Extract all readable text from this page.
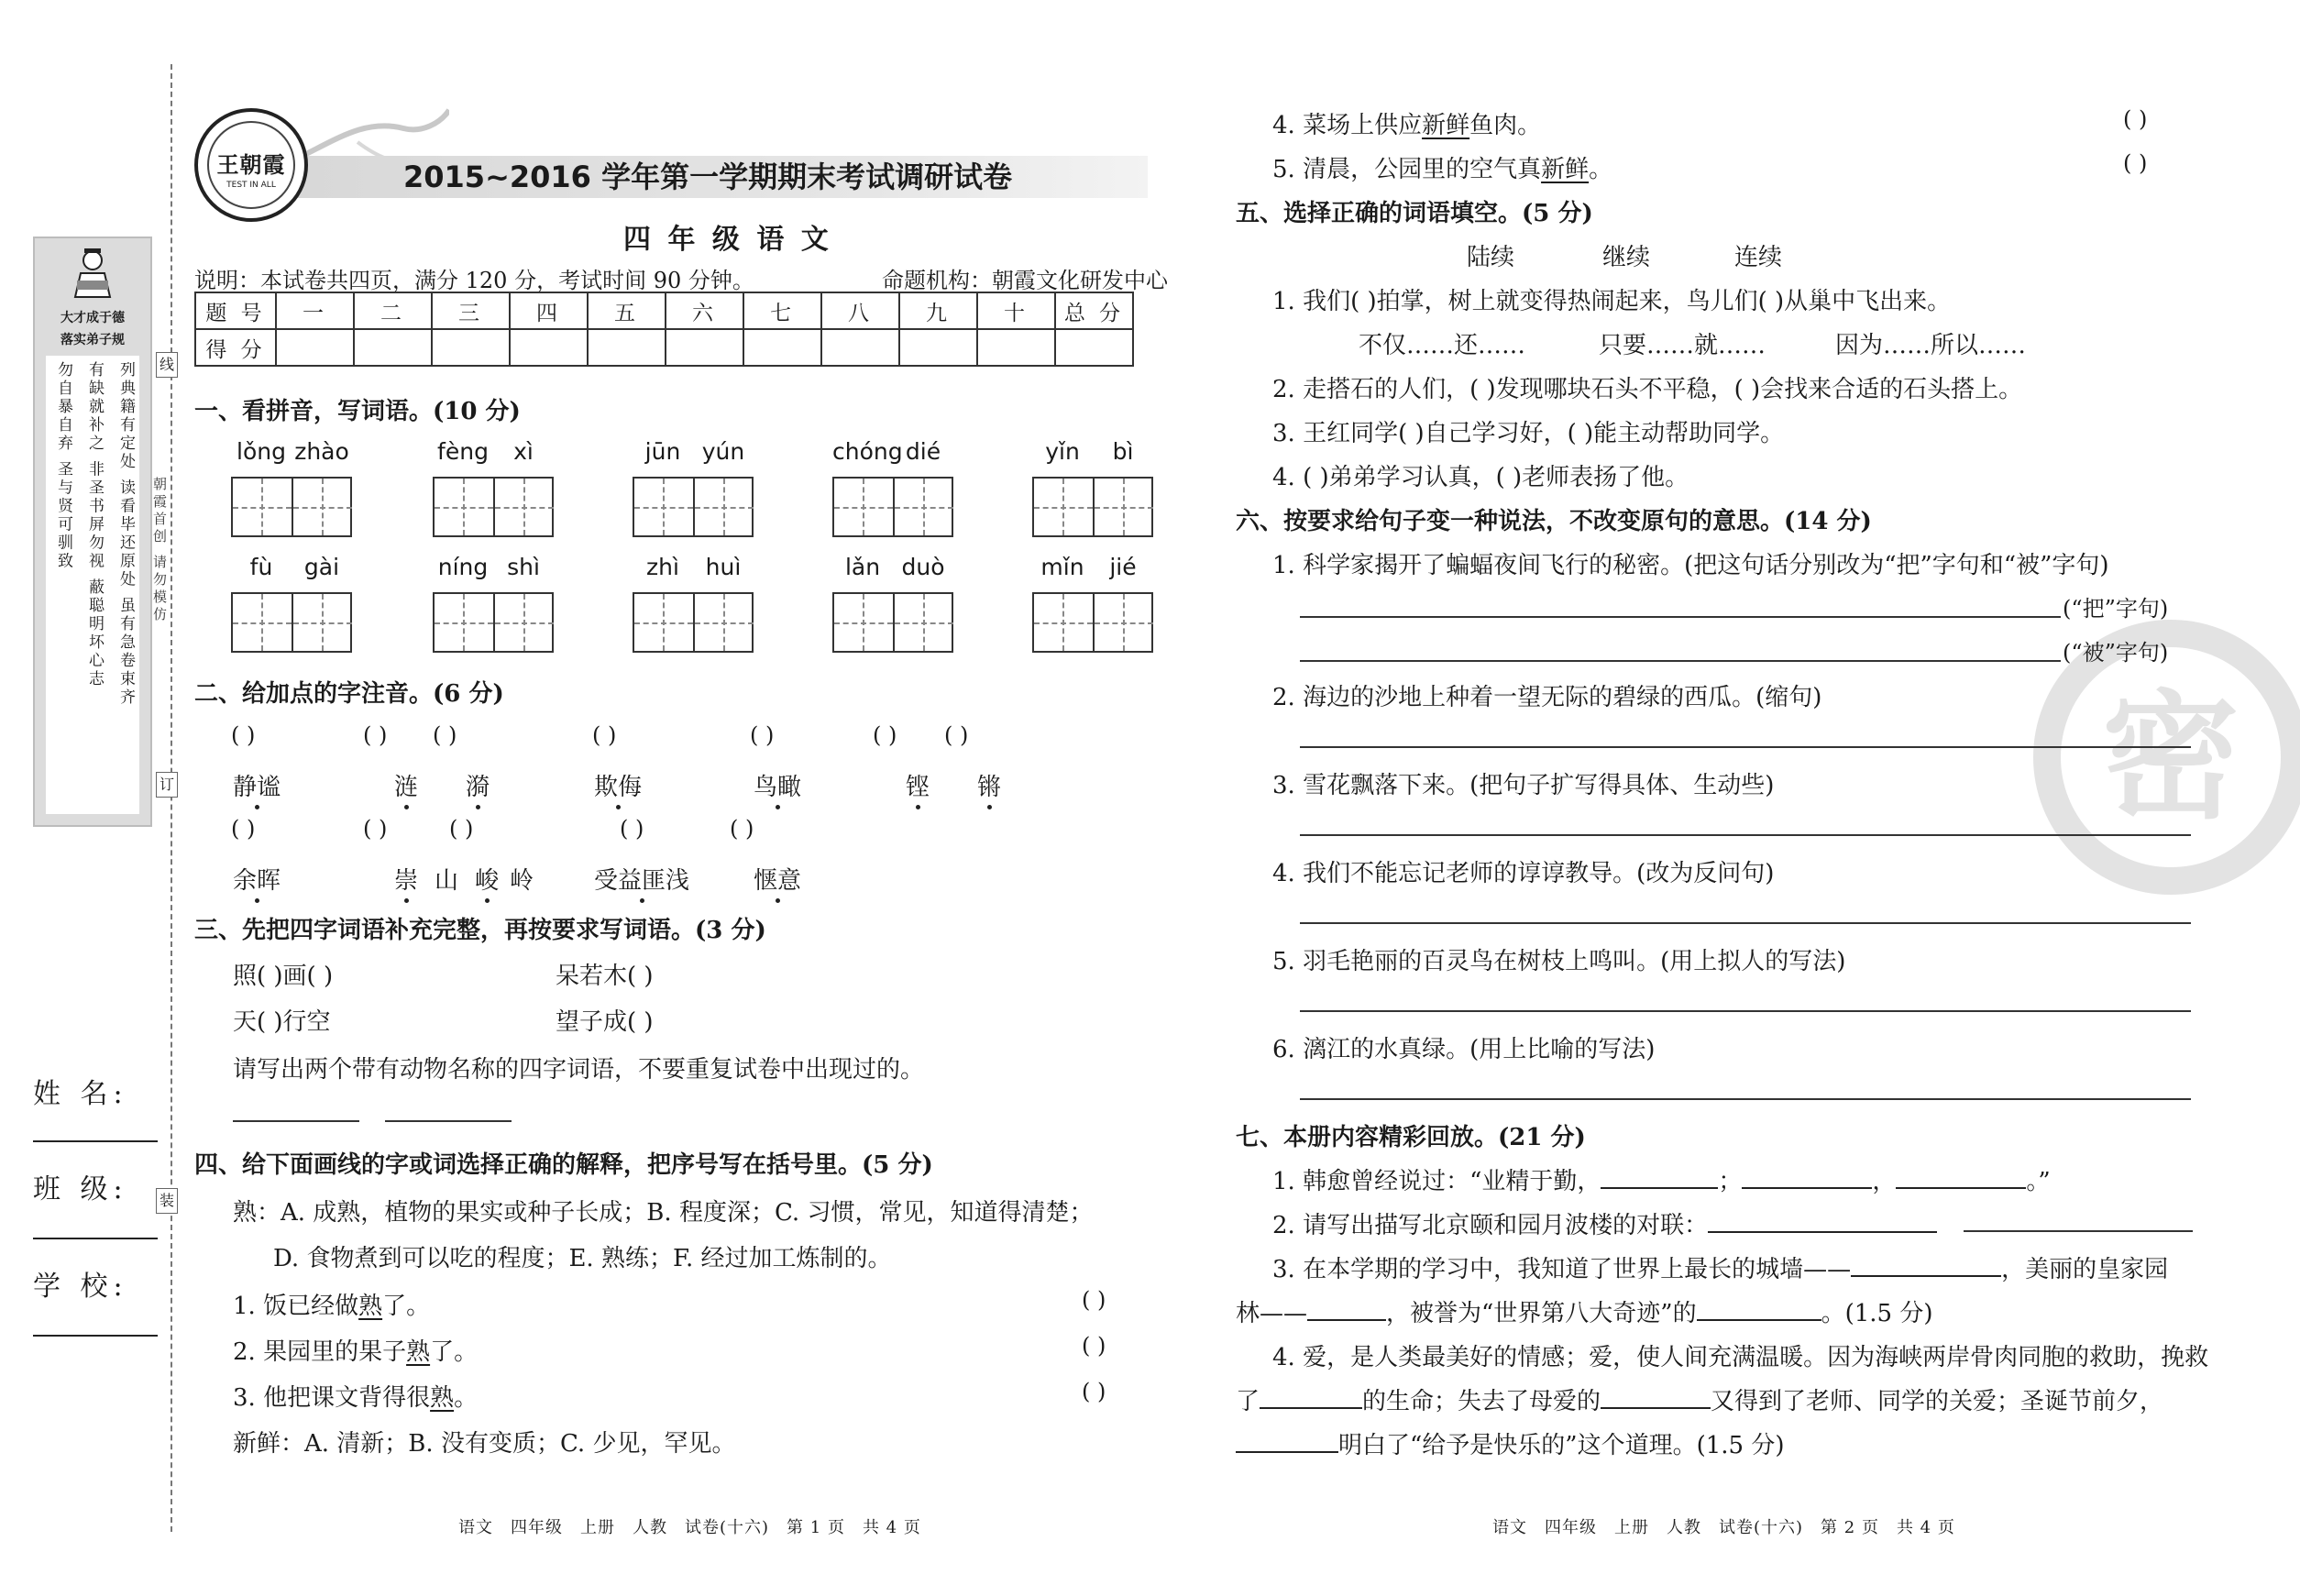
大才成于德
落实弟子规
列典籍有定处 读看毕还原处 虽有急卷束齐
有缺就补之 非圣书屏勿视 蔽聪明坏心志
勿自暴自弃 圣与贤可驯致	线
朝霞首创 请勿模仿
订
装
姓 名:
班 级:
学 校:
2015~2016 学年第一学期期末考试调研试卷
王朝霞
TEST IN ALL
四 年 级 语 文
说明：本试卷共四页，满分 120 分，考试时间 90 分钟。	命题机构：朝霞文化研发中心
题 号	一	二	三	四	五	六	七	八	九	十	总 分
得 分											
一、看拼音，写词语。(10 分)
lǒng zhào	fèng	xì	jūn yún	chóng dié	yǐn	bì
fù	gài	níng shì	zhì	huì	lǎn duò	mǐn	jié
二、给加点的字注音。(6 分)
( )	( ) ( )	( )	( )	( ) ( )
静谧	涟 漪	欺侮	鸟瞰	铿 锵
( )	( )	( )	( )	( )
余晖	崇 山 峻 岭	受益匪浅	惬意
三、先把四字词语补充完整，再按要求写词语。(3 分)
照( )画( )	呆若木( )
天( )行空	望子成( )
请写出两个带有动物名称的四字词语，不要重复试卷中出现过的。
四、给下面画线的字或词选择正确的解释，把序号写在括号里。(5 分)
熟：A. 成熟，植物的果实或种子长成；B. 程度深；C. 习惯，常见，知道得清楚；
D. 食物煮到可以吃的程度；E. 熟练；F. 经过加工炼制的。
1. 饭已经做熟了。	( )
2. 果园里的果子熟了。	( )
3. 他把课文背得很熟。	( )
新鲜：A. 清新；B. 没有变质；C. 少见，罕见。
语文　四年级　上册　人教　试卷(十六)　第 1 页　共 4 页
密
4. 菜场上供应新鲜鱼肉。	( )
5. 清晨，公园里的空气真新鲜。	( )
五、选择正确的词语填空。(5 分)
陆续	继续	连续
1. 我们( )拍掌，树上就变得热闹起来，鸟儿们( )从巢中飞出来。
不仅……还……	只要……就……	因为……所以……
2. 走搭石的人们，( )发现哪块石头不平稳，( )会找来合适的石头搭上。
3. 王红同学( )自己学习好，( )能主动帮助同学。
4. ( )弟弟学习认真，( )老师表扬了他。
六、按要求给句子变一种说法，不改变原句的意思。(14 分)
1. 科学家揭开了蝙蝠夜间飞行的秘密。(把这句话分别改为“把”字句和“被”字句)
(“把”字句)
(“被”字句)
2. 海边的沙地上种着一望无际的碧绿的西瓜。(缩句)
3. 雪花飘落下来。(把句子扩写得具体、生动些)
4. 我们不能忘记老师的谆谆教导。(改为反问句)
5. 羽毛艳丽的百灵鸟在树枝上鸣叫。(用上拟人的写法)
6. 漓江的水真绿。(用上比喻的写法)
七、本册内容精彩回放。(21 分)
1. 韩愈曾经说过：“业精于勤，	；	，	。”
2. 请写出描写北京颐和园月波楼的对联：
3. 在本学期的学习中，我知道了世界上最长的城墙——	，美丽的皇家园
林——	，被誉为“世界第八大奇迹”的	。(1.5 分)
4. 爱，是人类最美好的情感；爱，使人间充满温暖。因为海峡两岸骨肉同胞的救助，挽救
了	的生命；失去了母爱的	又得到了老师、同学的关爱；圣诞节前夕，
明白了“给予是快乐的”这个道理。(1.5 分)
语文　四年级　上册　人教　试卷(十六)　第 2 页　共 4 页
